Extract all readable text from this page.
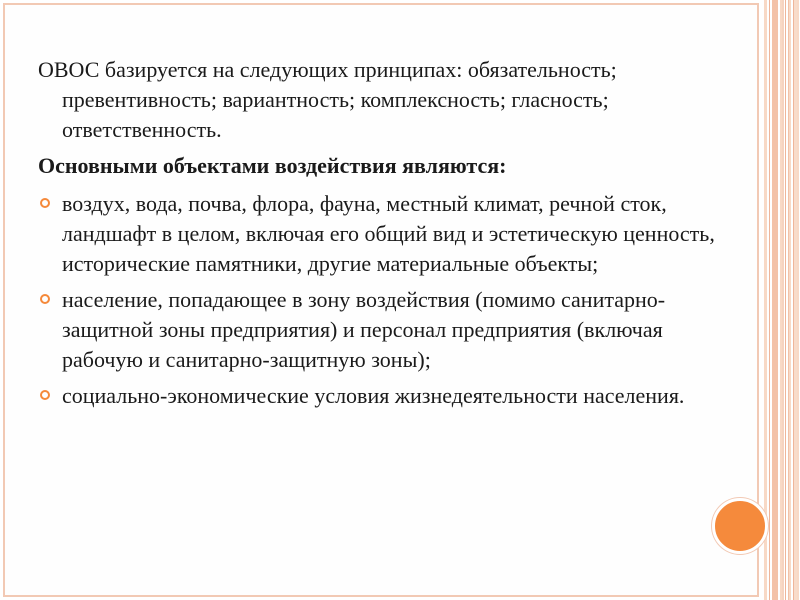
ОВОС базируется на следующих принципах: обязательность; превентивность; вариантность; комплексность; гласность; ответственность.

Основными объектами воздействия являются:
воздух, вода, почва, флора, фауна, местный климат, речной сток, ландшафт в целом, включая его общий вид и эстетическую ценность, исторические памятники, другие материальные объекты;
население, попадающее в зону воздействия (помимо санитарно-защитной зоны предприятия) и персонал предприятия (включая рабочую и санитарно-защитную зоны);
социально-экономические условия жизнедеятельности населения.
